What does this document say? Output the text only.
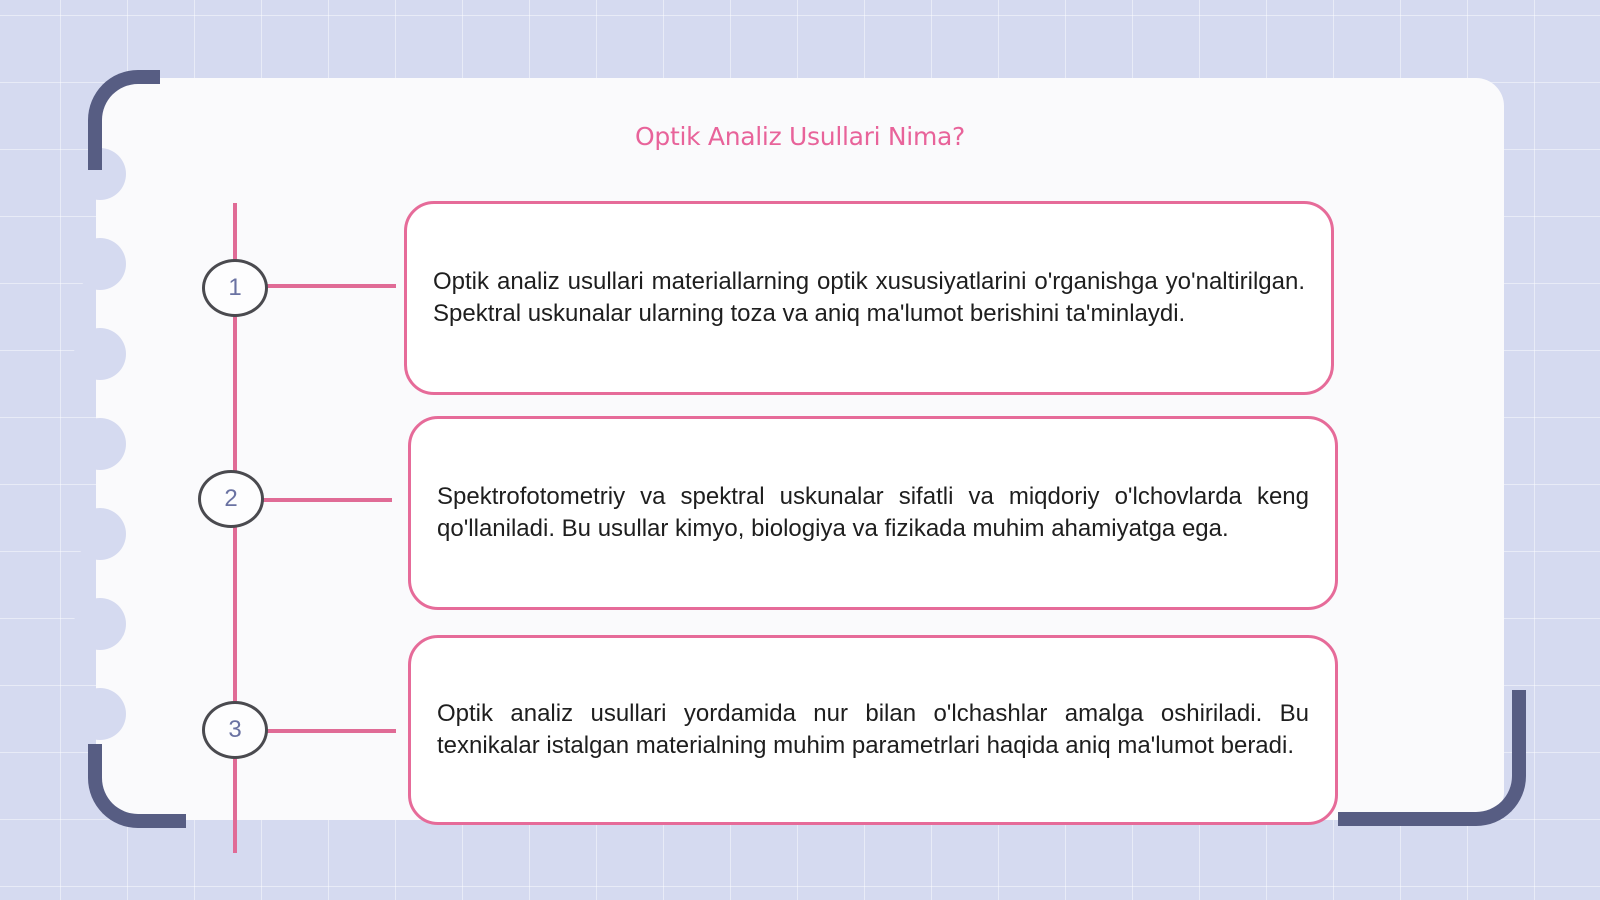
Optik Analiz Usullari Nima?
1
2
3
Optik analiz usullari materiallarning optik xususiyatlarini o'rganishga yo'naltirilgan. Spektral uskunalar ularning toza va aniq ma'lumot berishini ta'minlaydi.
Spektrofotometriy va spektral uskunalar sifatli va miqdoriy o'lchovlarda keng qo'llaniladi. Bu usullar kimyo, biologiya va fizikada muhim ahamiyatga ega.
Optik analiz usullari yordamida nur bilan o'lchashlar amalga oshiriladi. Bu texnikalar istalgan materialning muhim parametrlari haqida aniq ma'lumot beradi.
